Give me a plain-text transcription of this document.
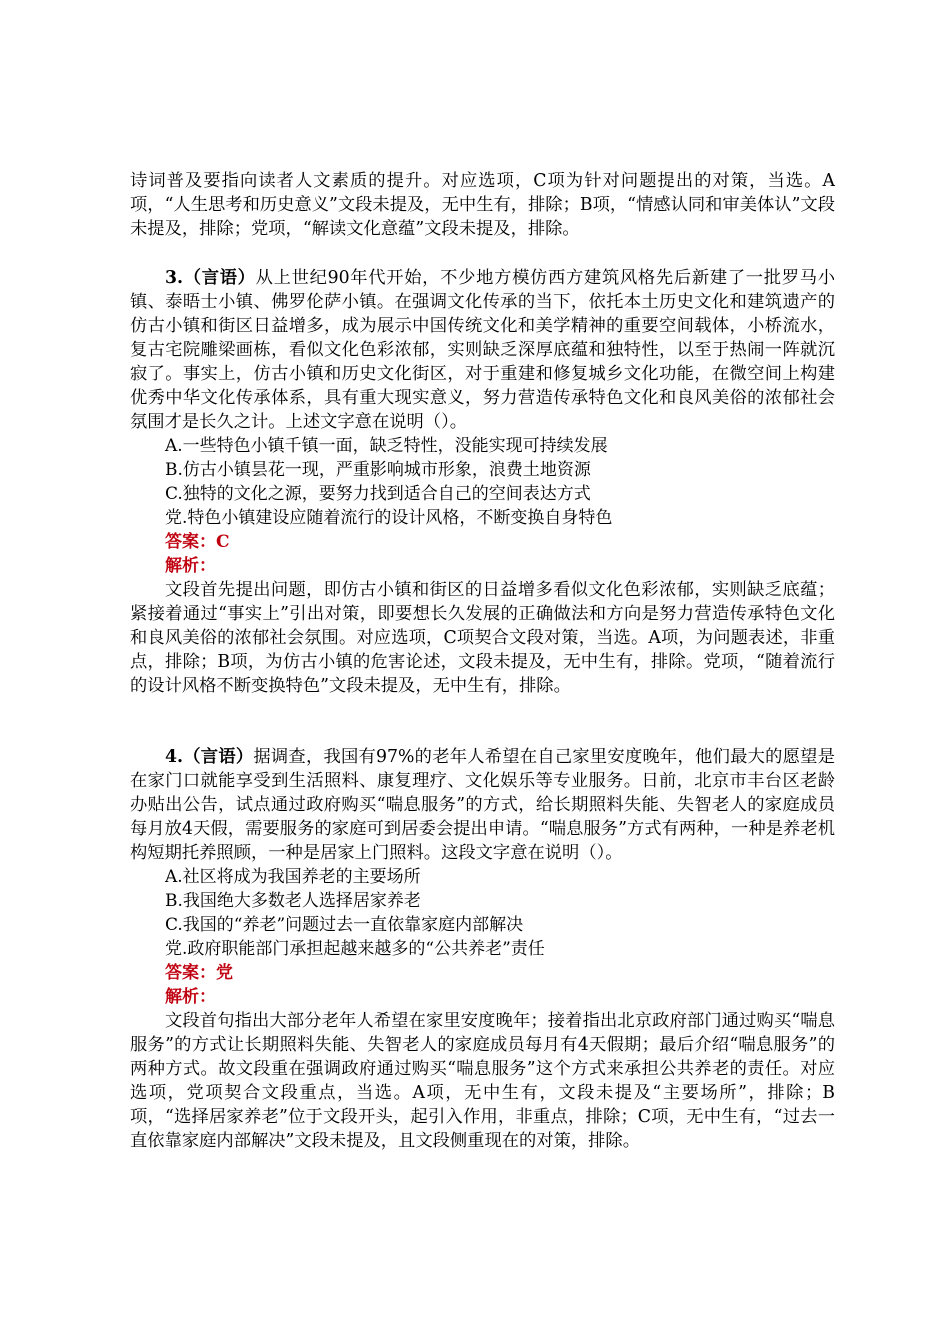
诗词普及要指向读者人文素质的提升。对应选项，C项为针对问题提出的对策，当选。A项，“人生思考和历史意义”文段未提及，无中生有，排除；B项，“情感认同和审美体认”文段未提及，排除；党项，“解读文化意蕴”文段未提及，排除。

3.（言语）从上世纪90年代开始，不少地方模仿西方建筑风格先后新建了一批罗马小镇、泰晤士小镇、佛罗伦萨小镇。在强调文化传承的当下，依托本土历史文化和建筑遗产的仿古小镇和街区日益增多，成为展示中国传统文化和美学精神的重要空间载体，小桥流水，复古宅院雕梁画栋，看似文化色彩浓郁，实则缺乏深厚底蕴和独特性，以至于热闹一阵就沉寂了。事实上，仿古小镇和历史文化街区，对于重建和修复城乡文化功能，在微空间上构建优秀中华文化传承体系，具有重大现实意义，努力营造传承特色文化和良风美俗的浓郁社会氛围才是长久之计。上述文字意在说明（）。

A.一些特色小镇千镇一面，缺乏特性，没能实现可持续发展

B.仿古小镇昙花一现，严重影响城市形象，浪费土地资源

C.独特的文化之源，要努力找到适合自己的空间表达方式

党.特色小镇建设应随着流行的设计风格，不断变换自身特色

答案：C

解析：

文段首先提出问题，即仿古小镇和街区的日益增多看似文化色彩浓郁，实则缺乏底蕴；紧接着通过“事实上”引出对策，即要想长久发展的正确做法和方向是努力营造传承特色文化和良风美俗的浓郁社会氛围。对应选项，C项契合文段对策，当选。A项，为问题表述，非重点，排除；B项，为仿古小镇的危害论述，文段未提及，无中生有，排除。党项，“随着流行的设计风格不断变换特色”文段未提及，无中生有，排除。

4.（言语）据调查，我国有97%的老年人希望在自己家里安度晚年，他们最大的愿望是在家门口就能享受到生活照料、康复理疗、文化娱乐等专业服务。日前，北京市丰台区老龄办贴出公告，试点通过政府购买“喘息服务”的方式，给长期照料失能、失智老人的家庭成员每月放4天假，需要服务的家庭可到居委会提出申请。“喘息服务”方式有两种，一种是养老机构短期托养照顾，一种是居家上门照料。这段文字意在说明（）。

A.社区将成为我国养老的主要场所

B.我国绝大多数老人选择居家养老

C.我国的“养老”问题过去一直依靠家庭内部解决

党.政府职能部门承担起越来越多的“公共养老”责任

答案：党

解析：

文段首句指出大部分老年人希望在家里安度晚年；接着指出北京政府部门通过购买“喘息服务”的方式让长期照料失能、失智老人的家庭成员每月有4天假期；最后介绍“喘息服务”的两种方式。故文段重在强调政府通过购买“喘息服务”这个方式来承担公共养老的责任。对应选项，党项契合文段重点，当选。A项，无中生有，文段未提及“主要场所”，排除；B项，“选择居家养老”位于文段开头，起引入作用，非重点，排除；C项，无中生有，“过去一直依靠家庭内部解决”文段未提及，且文段侧重现在的对策，排除。
